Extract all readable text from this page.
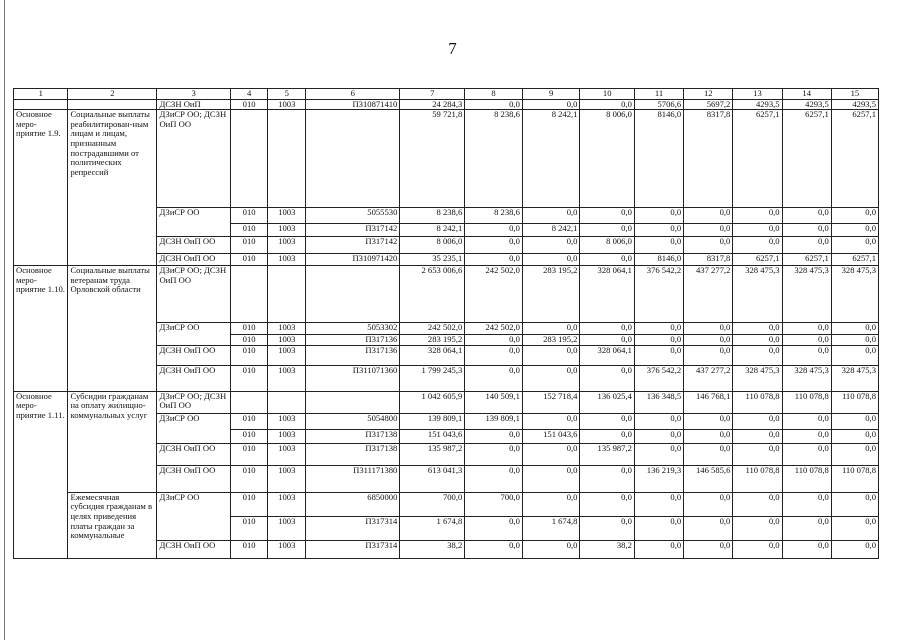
7
1	2	3	4	5	6	7	8	9	10	11	12	13	14	15
		ДСЗН ОиП	010	1003	П310871410	24 284,3	0,0	0,0	0,0	5706,6	5697,2	4293,5	4293,5	4293,5
Основное меро-приятие 1.9.	Социальные выплаты реабилитирован-ным лицам и лицам, признанным пострадавшими от политических репрессий	ДЗиСР ОО; ДСЗН ОиП ОО				59 721,8	8 238,6	8 242,1	8 006,0	8146,0	8317,8	6257,1	6257,1	6257,1
		ДЗиСР ОО	010	1003	5055530	8 238,6	8 238,6	0,0	0,0	0,0	0,0	0,0	0,0	0,0
			010	1003	П317142	8 242,1	0,0	8 242,1	0,0	0,0	0,0	0,0	0,0	0,0
		ДСЗН ОиП ОО	010	1003	П317142	8 006,0	0,0	0,0	8 006,0	0,0	0,0	0,0	0,0	0,0
		ДСЗН ОиП ОО	010	1003	П310971420	35 235,1	0,0	0,0	0,0	8146,0	8317,8	6257,1	6257,1	6257,1
Основное меро-приятие 1.10.	Социальные выплаты ветеранам труда Орловской области	ДЗиСР ОО; ДСЗН ОиП ОО				2 653 006,6	242 502,0	283 195,2	328 064,1	376 542,2	437 277,2	328 475,3	328 475,3	328 475,3
		ДЗиСР ОО	010	1003	5053302	242 502,0	242 502,0	0,0	0,0	0,0	0,0	0,0	0,0	0,0
			010	1003	П317136	283 195,2	0,0	283 195,2	0,0	0,0	0,0	0,0	0,0	0,0
		ДСЗН ОиП ОО	010	1003	П317136	328 064,1	0,0	0,0	328 064,1	0,0	0,0	0,0	0,0	0,0
		ДСЗН ОиП ОО	010	1003	П311071360	1 799 245,3	0,0	0,0	0,0	376 542,2	437 277,2	328 475,3	328 475,3	328 475,3
Основное меро-приятие 1.11.	Субсидии гражданам на оплату жилищно-коммунальных услуг	ДЗиСР ОО; ДСЗН ОиП ОО				1 042 605,9	140 509,1	152 718,4	136 025,4	136 348,5	146 768,1	110 078,8	110 078,8	110 078,8
		ДЗиСР ОО	010	1003	5054800	139 809,1	139 809,1	0,0	0,0	0,0	0,0	0,0	0,0	0,0
			010	1003	П317138	151 043,6	0,0	151 043,6	0,0	0,0	0,0	0,0	0,0	0,0
		ДСЗН ОиП ОО	010	1003	П317138	135 987,2	0,0	0,0	135 987,2	0,0	0,0	0,0	0,0	0,0
		ДСЗН ОиП ОО	010	1003	П311171380	613 041,3	0,0	0,0	0,0	136 219,3	146 585,6	110 078,8	110 078,8	110 078,8
	Ежемесячная субсидия гражданам в целях приведения платы граждан за коммунальные	ДЗиСР ОО	010	1003	6850000	700,0	700,0	0,0	0,0	0,0	0,0	0,0	0,0	0,0
			010	1003	П317314	1 674,8	0,0	1 674,8	0,0	0,0	0,0	0,0	0,0	0,0
		ДСЗН ОиП ОО	010	1003	П317314	38,2	0,0	0,0	38,2	0,0	0,0	0,0	0,0	0,0
